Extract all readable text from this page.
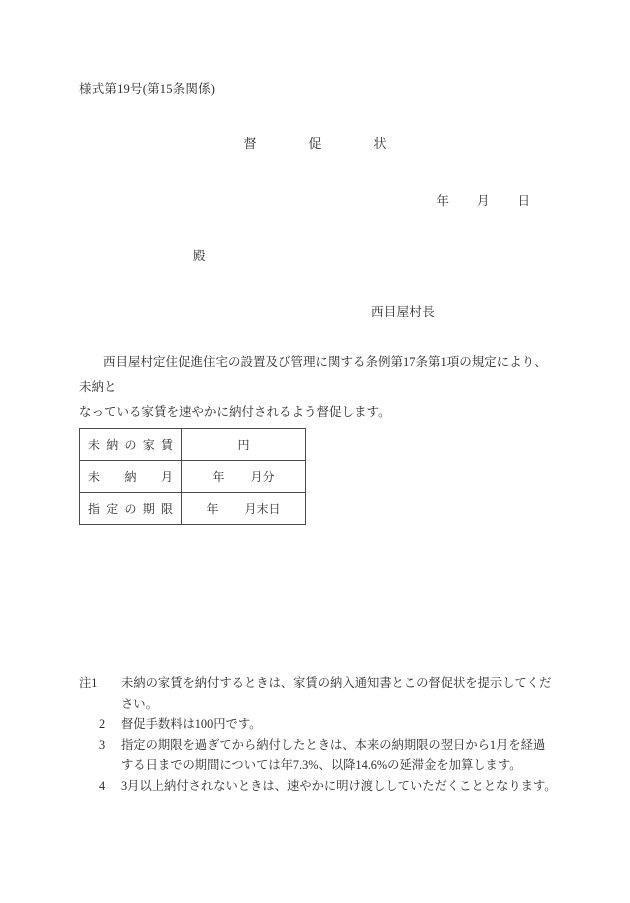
様式第19号(第15条関係)
督	促	状
年 月 日
殿
西目屋村長
西目屋村定住促進住宅の設置及び管理に関する条例第17条第1項の規定により、未納と
なっている家賃を速やかに納付されるよう督促します。
未納の家賃	円
未納月	年 月分
指定の期限	年 月末日
注1	未納の家賃を納付するときは、家賃の納入通知書とこの督促状を提示してください。
2	督促手数料は100円です。
3	指定の期限を過ぎてから納付したときは、本来の納期限の翌日から1月を経過する日までの期間については年7.3%、以降14.6%の延滞金を加算します。
4	3月以上納付されないときは、速やかに明け渡ししていただくこととなります。
